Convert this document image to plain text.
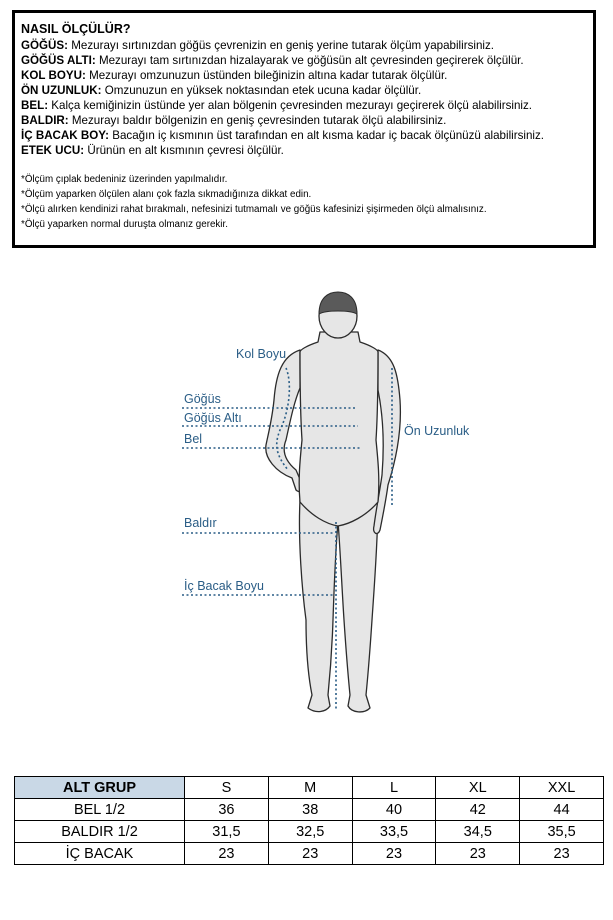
NASIL ÖLÇÜLÜR?

GÖĞÜS: Mezurayı sırtınızdan göğüs çevrenizin en geniş yerine tutarak ölçüm yapabilirsiniz.

GÖĞÜS ALTI: Mezurayı tam sırtınızdan hizalayarak ve göğüsün alt çevresinden geçirerek ölçülür.

KOL BOYU: Mezurayı omzunuzun üstünden bileğinizin altına kadar tutarak ölçülür.

ÖN UZUNLUK: Omzunuzun en yüksek noktasından etek ucuna kadar ölçülür.

BEL: Kalça kemiğinizin üstünde yer alan bölgenin çevresinden mezurayı geçirerek ölçü alabilirsiniz.

BALDIR: Mezurayı baldır bölgenizin en geniş çevresinden tutarak ölçü alabilirsiniz.

İÇ BACAK BOY: Bacağın iç kısmının üst tarafından en alt kısma kadar iç bacak ölçünüzü alabilirsiniz.

ETEK UCU: Ürünün en alt kısmının çevresi ölçülür.

*Ölçüm çıplak bedeniniz üzerinden yapılmalıdır.

*Ölçüm yaparken ölçülen alanı çok fazla sıkmadığınıza dikkat edin.

*Ölçü alırken kendinizi rahat bırakmalı, nefesinizi tutmamalı ve göğüs kafesinizi şişirmeden ölçü almalısınız.

*Ölçü yaparken normal duruşta olmanız gerekir.

Kol Boyu
Göğüs
Göğüs Altı
Bel
Ön Uzunluk
Baldır
İç Bacak Boyu
ALT GRUP	S	M	L	XL	XXL
BEL 1/2	36	38	40	42	44
BALDIR 1/2	31,5	32,5	33,5	34,5	35,5
İÇ BACAK	23	23	23	23	23
